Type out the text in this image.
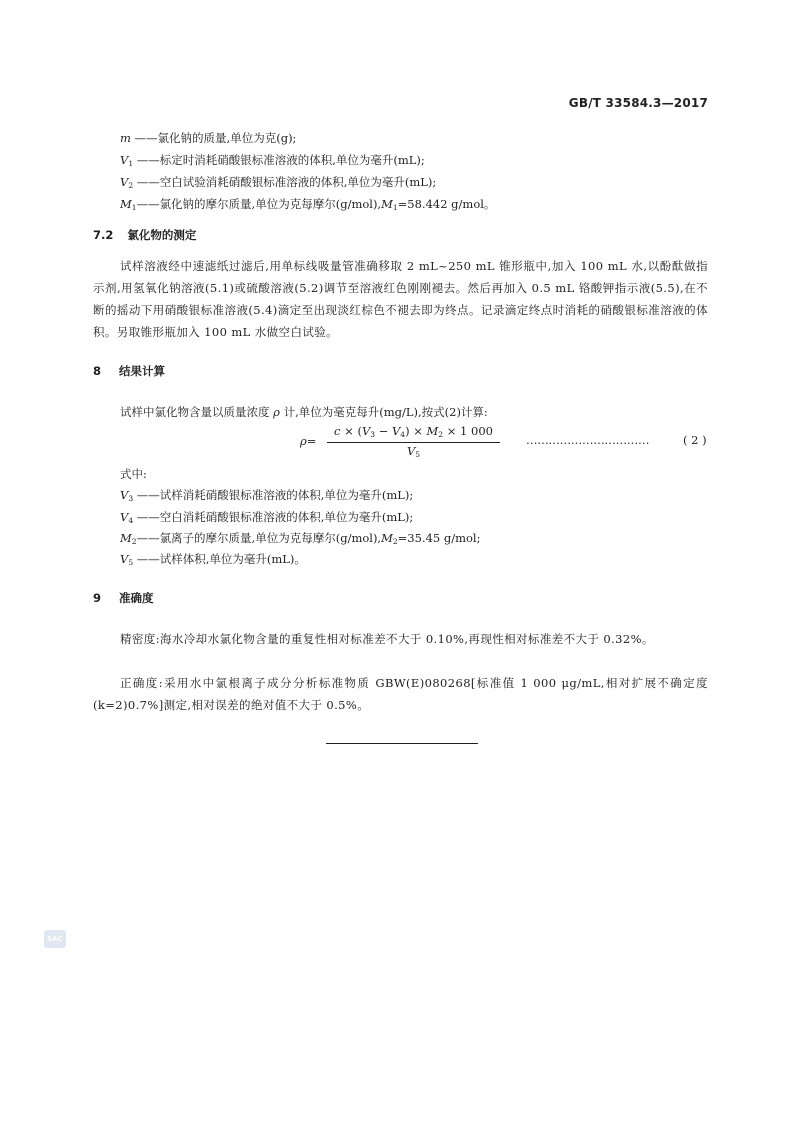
GB/T 33584.3—2017
m ——氯化钠的质量,单位为克(g);
$V_1$ ——标定时消耗硝酸银标准溶液的体积,单位为毫升(mL);
$V_2$ ——空白试验消耗硝酸银标准溶液的体积,单位为毫升(mL);
$M_1——$氯化钠的摩尔质量,单位为克每摩尔$(g/mol),M_1=58.442$ g/mol。
7.2 氯化物的测定
试样溶液经中速滤纸过滤后,用单标线吸量管准确移取 2 mL~250 mL 锥形瓶中,加入 100 mL 水,以酚酞做指示剂,用氢氧化钠溶液(5.1)或硫酸溶液(5.2)调节至溶液红色刚刚褪去。然后再加入 0.5 mL 铬酸钾指示液(5.5),在不断的摇动下用硝酸银标准溶液(5.4)滴定至出现淡红棕色不褪去即为终点。记录滴定终点时消耗的硝酸银标准溶液的体积。另取锥形瓶加入 100 mL 水做空白试验。
8 结果计算
试样中氯化物含量以质量浓度 ρ 计,单位为毫克每升(mg/L),按式(2)计算:
ρ=
$c \times (V_3 - V_4) \times M_2 \times 1$ 000
$V_5$
……………………………	( 2 )
式中:
$V_3$ ——试样消耗硝酸银标准溶液的体积,单位为毫升(mL);
$V_4$ ——空白消耗硝酸银标准溶液的体积,单位为毫升(mL);
$M_2——$氯离子的摩尔质量,单位为克每摩尔$(g/mol),M_2=35.45$ g/mol;
$V_5$ ——试样体积,单位为毫升(mL)。
9 准确度
精密度:海水冷却水氯化物含量的重复性相对标准差不大于 0.10%,再现性相对标准差不大于 0.32%。
正确度:采用水中氯根离子成分分析标准物质 GBW(E)080268[标准值 1 000 μg/mL,相对扩展不确定度(k=2)0.7%]测定,相对误差的绝对值不大于 0.5%。
SAC
